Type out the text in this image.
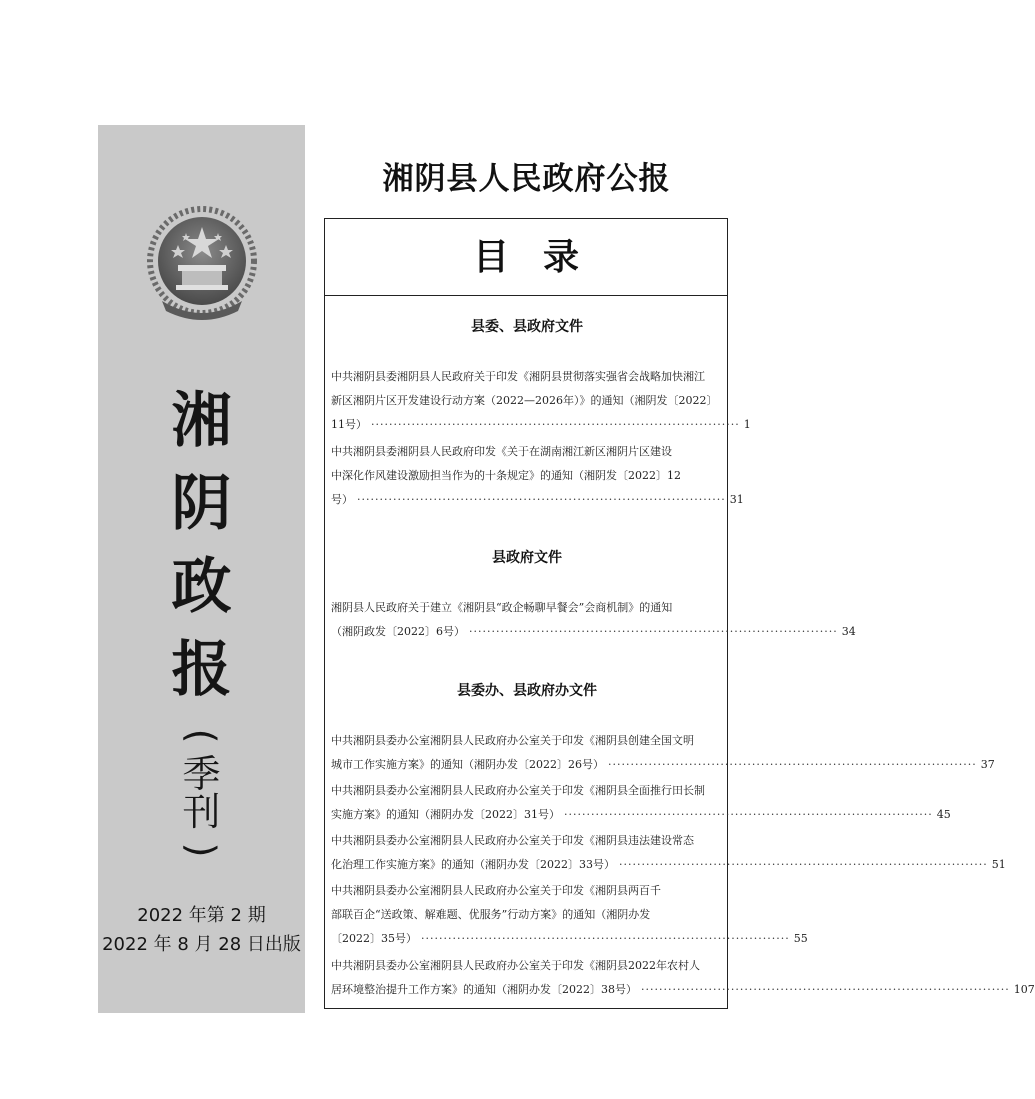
湘
阴
政
报
(
季
刊
)
2022 年第 2 期
2022 年 8 月 28 日出版
湘阴县人民政府公报
目录
县委、县政府文件
中共湘阴县委湘阴县人民政府关于印发《湘阴县贯彻落实强省会战略加快湘江
新区湘阴片区开发建设行动方案（2022—2026年）》的通知（湘阴发〔2022〕
11号） ·················································································· 1
中共湘阴县委湘阴县人民政府印发《关于在湖南湘江新区湘阴片区建设
中深化作风建设激励担当作为的十条规定》的通知（湘阴发〔2022〕12
号） ·················································································· 31
县政府文件
湘阴县人民政府关于建立《湘阴县“政企畅聊早餐会”会商机制》的通知
（湘阴政发〔2022〕6号） ·················································································· 34
县委办、县政府办文件
中共湘阴县委办公室湘阴县人民政府办公室关于印发《湘阴县创建全国文明
城市工作实施方案》的通知（湘阴办发〔2022〕26号） ·················································································· 37
中共湘阴县委办公室湘阴县人民政府办公室关于印发《湘阴县全面推行田长制
实施方案》的通知（湘阴办发〔2022〕31号） ·················································································· 45
中共湘阴县委办公室湘阴县人民政府办公室关于印发《湘阴县违法建设常态
化治理工作实施方案》的通知（湘阴办发〔2022〕33号） ·················································································· 51
中共湘阴县委办公室湘阴县人民政府办公室关于印发《湘阴县两百千
部联百企“送政策、解难题、优服务”行动方案》的通知（湘阴办发
〔2022〕35号） ·················································································· 55
中共湘阴县委办公室湘阴县人民政府办公室关于印发《湘阴县2022年农村人
居环境整治提升工作方案》的通知（湘阴办发〔2022〕38号） ·················································································· 107
